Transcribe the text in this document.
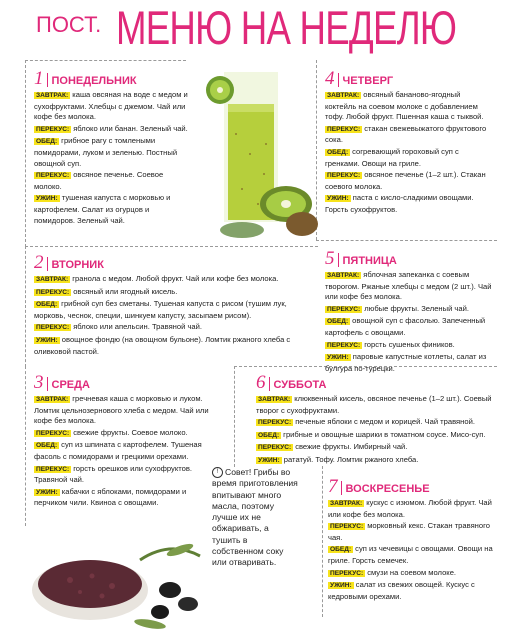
ПОСТ. МЕНЮ НА НЕДЕЛЮ
1 ПОНЕДЕЛЬНИК
ЗАВТРАК: каша овсяная на воде с медом и сухофруктами. Хлебцы с джемом. Чай или кофе без молока.
ПЕРЕКУС: яблоко или банан. Зеленый чай.
ОБЕД: грибное рагу с томлеными помидорами, луком и зеленью. Постный овощной суп.
ПЕРЕКУС: овсяное печенье. Соевое молоко.
УЖИН: тушеная капуста с морковью и картофелем. Салат из огурцов и помидоров. Зеленый чай.
4 ЧЕТВЕРГ
ЗАВТРАК: овсяный бананово-ягодный коктейль на соевом молоке с добавлением тофу. Любой фрукт. Пшенная каша с тыквой.
ПЕРЕКУС: стакан свежевыжатого фруктового сока.
ОБЕД: согревающий гороховый суп с гренками. Овощи на гриле.
ПЕРЕКУС: овсяное печенье (1–2 шт.). Стакан соевого молока.
УЖИН: паста с кисло-сладкими овощами. Горсть сухофруктов.
2 ВТОРНИК
ЗАВТРАК: гранола с медом. Любой фрукт. Чай или кофе без молока.
ПЕРЕКУС: овсяный или ягодный кисель.
ОБЕД: грибной суп без сметаны. Тушеная капуста с рисом (тушим лук, морковь, чеснок, специи, шинкуем капусту, засыпаем рисом).
ПЕРЕКУС: яблоко или апельсин. Травяной чай.
УЖИН: овощное фондю (на овощном бульоне). Ломтик ржаного хлеба с оливковой пастой.
5 ПЯТНИЦА
ЗАВТРАК: яблочная запеканка с соевым творогом. Ржаные хлебцы с медом (2 шт.). Чай или кофе без молока.
ПЕРЕКУС: любые фрукты. Зеленый чай.
ОБЕД: овощной суп с фасолью. Запеченный картофель с овощами.
ПЕРЕКУС: горсть сушеных фиников.
УЖИН: паровые капустные котлеты, салат из булгура по-турецки.
3 СРЕДА
ЗАВТРАК: гречневая каша с морковью и луком. Ломтик цельнозернового хлеба с медом. Чай или кофе без молока.
ПЕРЕКУС: свежие фрукты. Соевое молоко.
ОБЕД: суп из шпината с картофелем. Тушеная фасоль с помидорами и грецкими орехами.
ПЕРЕКУС: горсть орешков или сухофруктов. Травяной чай.
УЖИН: кабачки с яблоками, помидорами и перчиком чили. Квиноа с овощами.
6 СУББОТА
ЗАВТРАК: клюквенный кисель, овсяное печенье (1–2 шт.). Соевый творог с сухофруктами.
ПЕРЕКУС: печеные яблоки с медом и корицей. Чай травяной.
ОБЕД: грибные и овощные шарики в томатном соусе. Мисо-суп.
ПЕРЕКУС: свежие фрукты. Имбирный чай.
УЖИН: рататуй. Тофу. Ломтик ржаного хлеба.
! Совет! Грибы во время приготовления впитывают много масла, поэтому лучше их не обжаривать, а тушить в собственном соку или отваривать.
7 ВОСКРЕСЕНЬЕ
ЗАВТРАК: кускус с изюмом. Любой фрукт. Чай или кофе без молока.
ПЕРЕКУС: морковный кекс. Стакан травяного чая.
ОБЕД: суп из чечевицы с овощами. Овощи на гриле. Горсть семечек.
ПЕРЕКУС: смузи на соевом молоке.
УЖИН: салат из свежих овощей. Кускус с кедровыми орехами.
